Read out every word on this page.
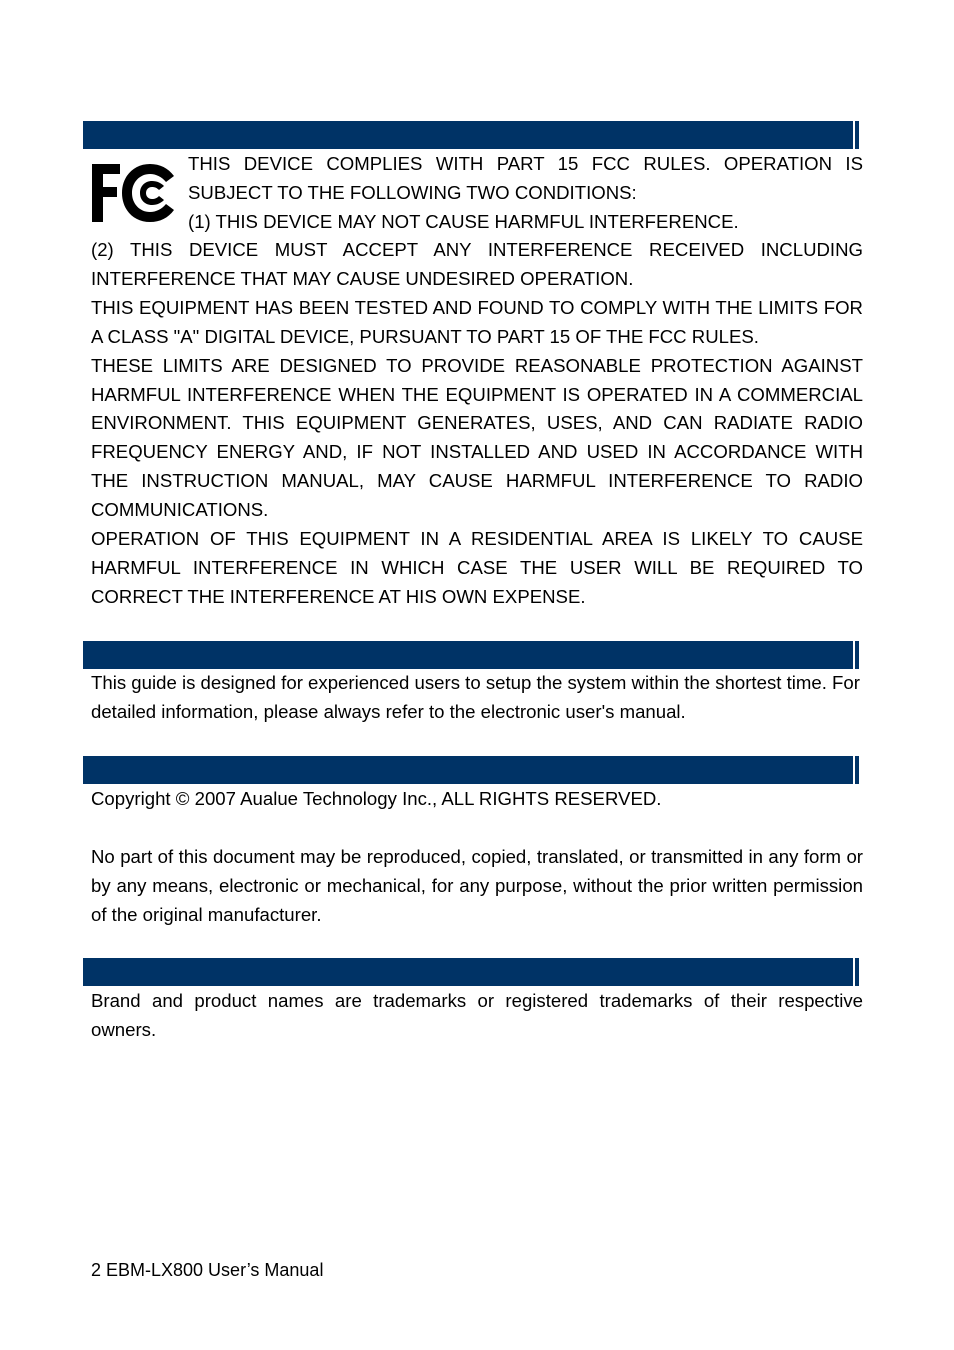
THIS DEVICE COMPLIES WITH PART 15 FCC RULES. OPERATION IS SUBJECT TO THE FOLLOWING TWO CONDITIONS:

(1) THIS DEVICE MAY NOT CAUSE HARMFUL INTERFERENCE.

(2) THIS DEVICE MUST ACCEPT ANY INTERFERENCE RECEIVED INCLUDING INTERFERENCE THAT MAY CAUSE UNDESIRED OPERATION.

THIS EQUIPMENT HAS BEEN TESTED AND FOUND TO COMPLY WITH THE LIMITS FOR A CLASS "A" DIGITAL DEVICE, PURSUANT TO PART 15 OF THE FCC RULES.

THESE LIMITS ARE DESIGNED TO PROVIDE REASONABLE PROTECTION AGAINST HARMFUL INTERFERENCE WHEN THE EQUIPMENT IS OPERATED IN A COMMERCIAL ENVIRONMENT. THIS EQUIPMENT GENERATES, USES, AND CAN RADIATE RADIO FREQUENCY ENERGY AND, IF NOT INSTALLED AND USED IN ACCORDANCE WITH THE INSTRUCTION MANUAL, MAY CAUSE HARMFUL INTERFERENCE TO RADIO COMMUNICATIONS.

OPERATION OF THIS EQUIPMENT IN A RESIDENTIAL AREA IS LIKELY TO CAUSE HARMFUL INTERFERENCE IN WHICH CASE THE USER WILL BE REQUIRED TO CORRECT THE INTERFERENCE AT HIS OWN EXPENSE.

This guide is designed for experienced users to setup the system within the shortest time. For detailed information, please always refer to the electronic user's manual.

Copyright © 2007 Aualue Technology Inc., ALL RIGHTS RESERVED.

No part of this document may be reproduced, copied, translated, or transmitted in any form or by any means, electronic or mechanical, for any purpose, without the prior written permission of the original manufacturer.

Brand and product names are trademarks or registered trademarks of their respective owners.

2 EBM-LX800 User’s Manual
